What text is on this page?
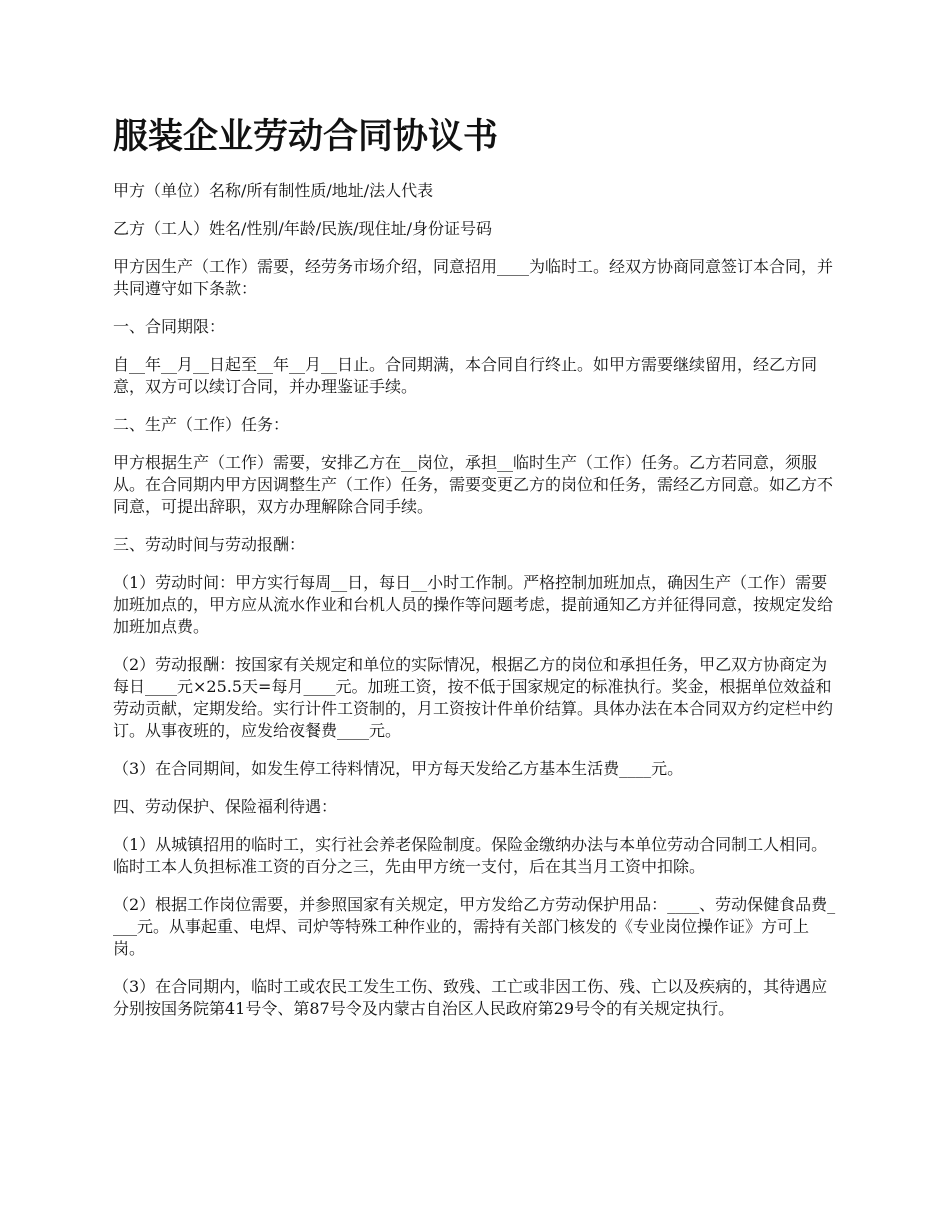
服装企业劳动合同协议书

甲方（单位）名称/所有制性质/地址/法人代表

乙方（工人）姓名/性别/年龄/民族/现住址/身份证号码

甲方因生产（工作）需要，经劳务市场介绍，同意招用____为临时工。经双方协商同意签订本合同，并共同遵守如下条款：

一、合同期限：

自__年__月__日起至__年__月__日止。合同期满，本合同自行终止。如甲方需要继续留用，经乙方同意，双方可以续订合同，并办理鉴证手续。

二、生产（工作）任务：

甲方根据生产（工作）需要，安排乙方在__岗位，承担__临时生产（工作）任务。乙方若同意，须服从。在合同期内甲方因调整生产（工作）任务，需要变更乙方的岗位和任务，需经乙方同意。如乙方不同意，可提出辞职，双方办理解除合同手续。

三、劳动时间与劳动报酬：

（1）劳动时间：甲方实行每周__日，每日__小时工作制。严格控制加班加点，确因生产（工作）需要加班加点的，甲方应从流水作业和台机人员的操作等问题考虑，提前通知乙方并征得同意，按规定发给加班加点费。

（2）劳动报酬：按国家有关规定和单位的实际情况，根据乙方的岗位和承担任务，甲乙双方协商定为每日____元×25.5天=每月____元。加班工资，按不低于国家规定的标准执行。奖金，根据单位效益和劳动贡献，定期发给。实行计件工资制的，月工资按计件单价结算。具体办法在本合同双方约定栏中约订。从事夜班的，应发给夜餐费____元。

（3）在合同期间，如发生停工待料情况，甲方每天发给乙方基本生活费____元。

四、劳动保护、保险福利待遇：

（1）从城镇招用的临时工，实行社会养老保险制度。保险金缴纳办法与本单位劳动合同制工人相同。临时工本人负担标准工资的百分之三，先由甲方统一支付，后在其当月工资中扣除。

（2）根据工作岗位需要，并参照国家有关规定，甲方发给乙方劳动保护用品：____、劳动保健食品费____元。从事起重、电焊、司炉等特殊工种作业的，需持有关部门核发的《专业岗位操作证》方可上岗。

（3）在合同期内，临时工或农民工发生工伤、致残、工亡或非因工伤、残、亡以及疾病的，其待遇应分别按国务院第41号令、第87号令及内蒙古自治区人民政府第29号令的有关规定执行。
